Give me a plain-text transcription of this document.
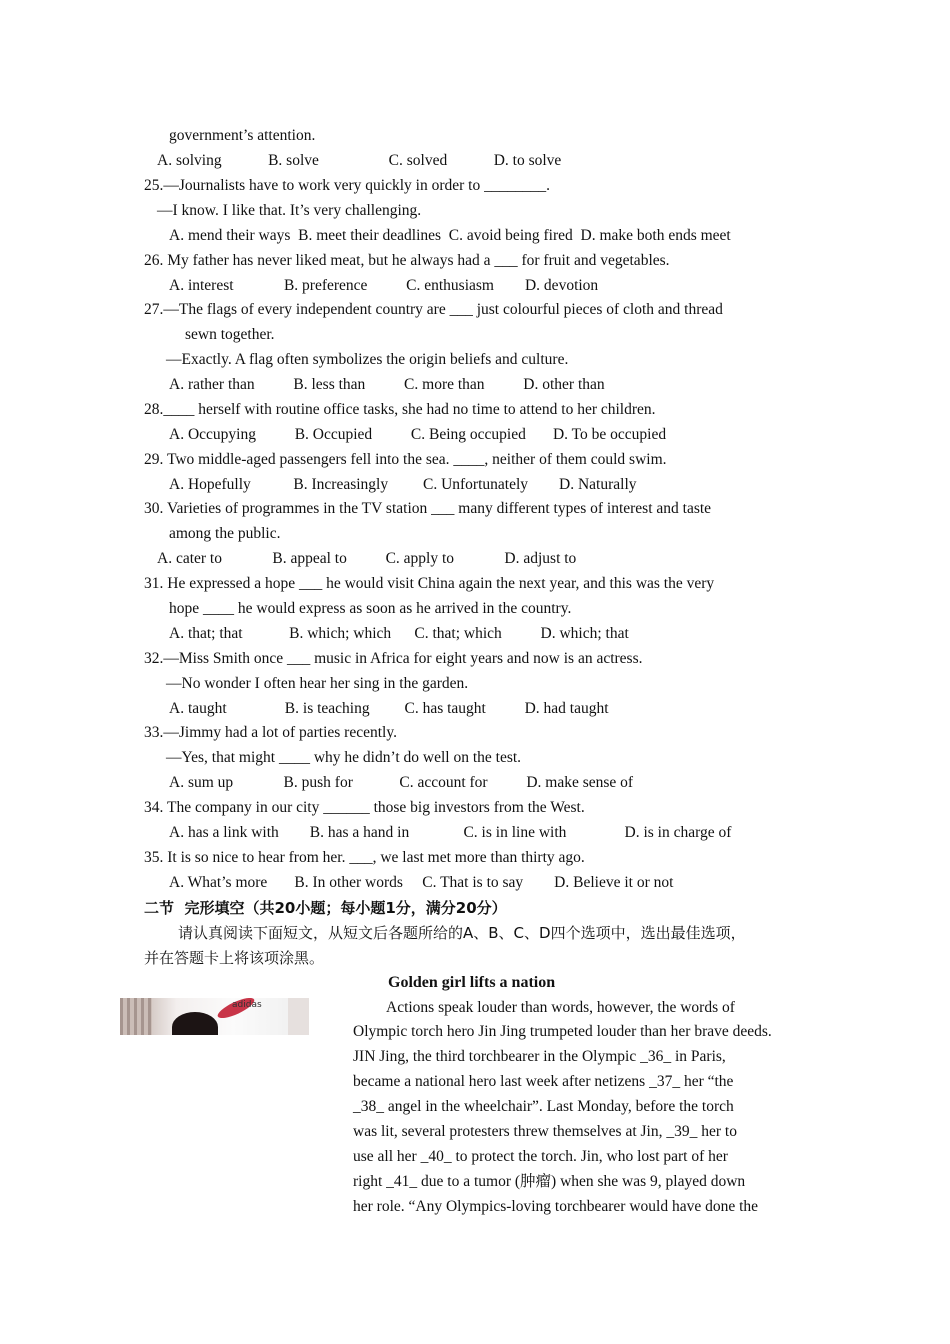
government’s attention.
A. solving            B. solve                  C. solved            D. to solve
25.—Journalists have to work very quickly in order to ________.
—I know. I like that. It’s very challenging.
A. mend their ways  B. meet their deadlines  C. avoid being fired  D. make both ends meet
26. My father has never liked meat, but he always had a ___ for fruit and vegetables.
A. interest             B. preference          C. enthusiasm        D. devotion
27.—The flags of every independent country are ___ just colourful pieces of cloth and thread
sewn together.
—Exactly. A flag often symbolizes the origin beliefs and culture.
A. rather than          B. less than          C. more than          D. other than
28.____ herself with routine office tasks, she had no time to attend to her children.
A. Occupying          B. Occupied          C. Being occupied       D. To be occupied
29. Two middle-aged passengers fell into the sea. ____, neither of them could swim.
A. Hopefully           B. Increasingly         C. Unfortunately        D. Naturally
30. Varieties of programmes in the TV station ___ many different types of interest and taste
among the public.
A. cater to             B. appeal to          C. apply to             D. adjust to
31. He expressed a hope ___ he would visit China again the next year, and this was the very
hope ____ he would express as soon as he arrived in the country.
A. that; that            B. which; which      C. that; which          D. which; that
32.—Miss Smith once ___ music in Africa for eight years and now is an actress.
—No wonder I often hear her sing in the garden.
A. taught               B. is teaching         C. has taught          D. had taught
33.—Jimmy had a lot of parties recently.
—Yes, that might ____ why he didn’t do well on the test.
A. sum up             B. push for            C. account for          D. make sense of
34. The company in our city ______ those big investors from the West.
A. has a link with        B. has a hand in              C. is in line with               D. is in charge of
35. It is so nice to hear from her. ___, we last met more than thirty ago.
A. What’s more       B. In other words     C. That is to say        D. Believe it or not
二节  完形填空（共20小题；每小题1分，满分20分）
请认真阅读下面短文，从短文后各题所给的A、B、C、D四个选项中，选出最佳选项，
并在答题卡上将该项涂黑。
Golden girl lifts a nation
Actions speak louder than words, however, the words of
Olympic torch hero Jin Jing trumpeted louder than her brave deeds.
JIN Jing, the third torchbearer in the Olympic _36_ in Paris,
became a national hero last week after netizens _37_ her “the
_38_ angel in the wheelchair”. Last Monday, before the torch
was lit, several protesters threw themselves at Jin, _39_ her to
use all her _40_ to protect the torch. Jin, who lost part of her
right _41_ due to a tumor (肿瘤) when she was 9, played down
her role. “Any Olympics-loving torchbearer would have done the
adidas
